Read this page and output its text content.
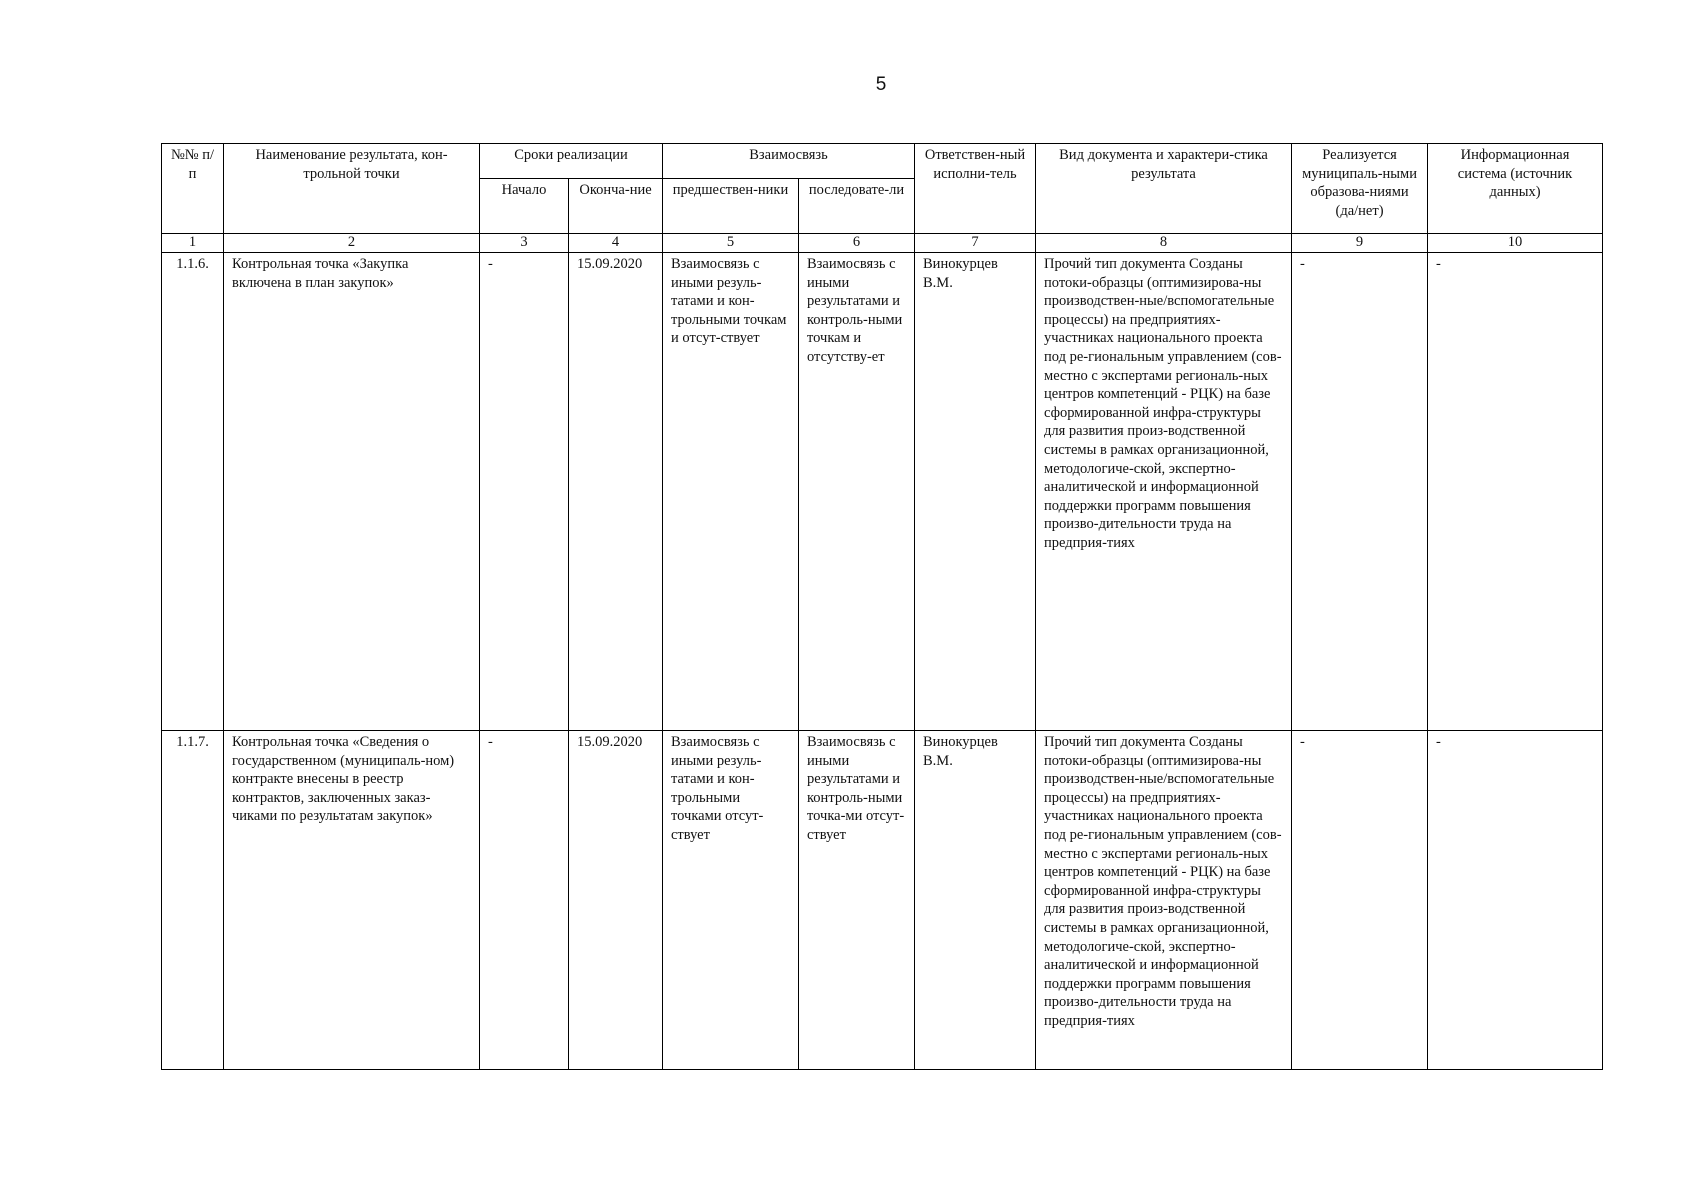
5
№№ п/п	Наименование результата, кон-трольной точки	Сроки реализации		Взаимосвязь		Ответствен-ный исполни-тель	Вид документа и характери-стика результата	Реализуется муниципаль-ными образова-ниями (да/нет)	Информационная система (источник данных)
		Начало	Оконча-ние	предшествен-ники	последовате-ли				
1	2	3	4	5	6	7	8	9	10
1.1.6.	Контрольная точка «Закупка включена в план закупок»	-	15.09.2020	Взаимосвязь с иными резуль-татами и кон-трольными точкам и отсут-ствует	Взаимосвязь с иными результатами и контроль-ными точкам и отсутству-ет	Винокурцев В.М.	Прочий тип документа Созданы потоки-образцы (оптимизирова-ны производствен-ные/вспомогательные процессы) на предприятиях-участниках национального проекта под ре-гиональным управлением (сов-местно с экспертами региональ-ных центров компетенций - РЦК) на базе сформированной инфра-структуры для развития произ-водственной системы в рамках организационной, методологиче-ской, экспертно-аналитической и информационной поддержки программ повышения произво-дительности труда на предприя-тиях	-	-
1.1.7.	Контрольная точка «Сведения о государственном (муниципаль-ном) контракте внесены в реестр контрактов, заключенных заказ-чиками по результатам закупок»	-	15.09.2020	Взаимосвязь с иными резуль-татами и кон-трольными точками отсут-ствует	Взаимосвязь с иными результатами и контроль-ными точка-ми отсут-ствует	Винокурцев В.М.	Прочий тип документа Созданы потоки-образцы (оптимизирова-ны производствен-ные/вспомогательные процессы) на предприятиях-участниках национального проекта под ре-гиональным управлением (сов-местно с экспертами региональ-ных центров компетенций - РЦК) на базе сформированной инфра-структуры для развития произ-водственной системы в рамках организационной, методологиче-ской, экспертно-аналитической и информационной поддержки программ повышения произво-дительности труда на предприя-тиях	-	-
